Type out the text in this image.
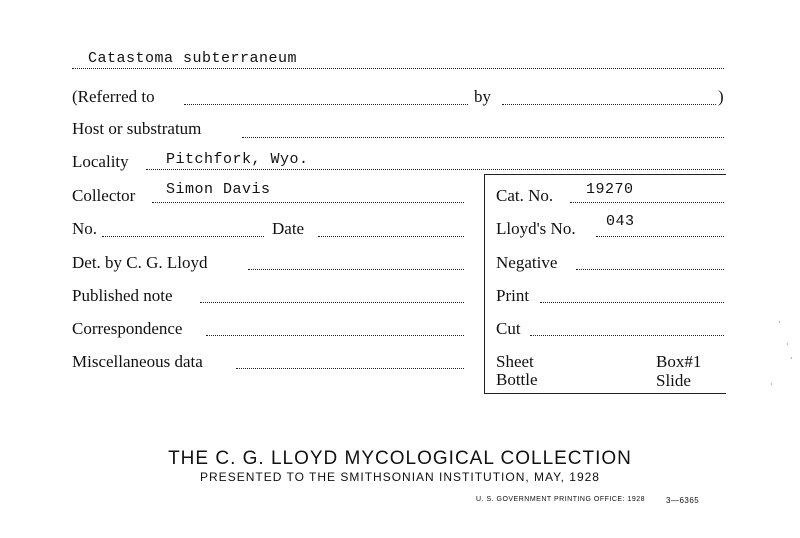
Catastoma subterraneum
(Referred to	by	)
Host or substratum
Locality Pitchfork, Wyo.
Collector Simon Davis	Cat. No. 19270
No.	Date	Lloyd's No. 043
Det. by C. G. Lloyd	Negative
Published note	Print
Correspondence	Cut
Miscellaneous data	Sheet	Box#1
Bottle	Slide
THE C. G. LLOYD MYCOLOGICAL COLLECTION
PRESENTED TO THE SMITHSONIAN INSTITUTION, MAY, 1928
U. S. GOVERNMENT PRINTING OFFICE: 1928	3—6365
·
·
·
·
